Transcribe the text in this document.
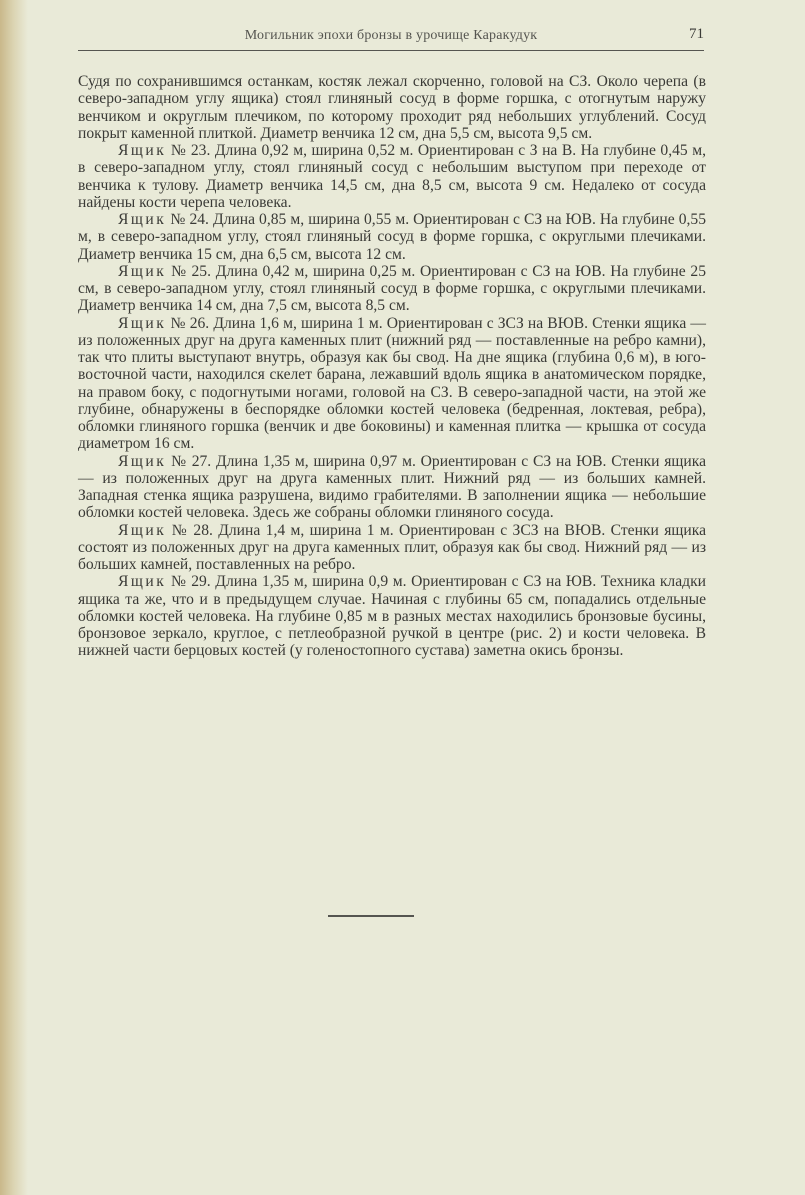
Могильник эпохи бронзы в урочище Каракудук	71

Судя по сохранившимся останкам, костяк лежал скорченно, головой на СЗ. Около черепа (в северо-западном углу ящика) стоял глиняный сосуд в форме горшка, с отогнутым наружу венчиком и округлым плечиком, по которому проходит ряд небольших углублений. Сосуд покрыт каменной плиткой. Диаметр венчика 12 см, дна 5,5 см, высота 9,5 см.

Ящик № 23. Длина 0,92 м, ширина 0,52 м. Ориентирован с З на В. На глубине 0,45 м, в северо-западном углу, стоял глиняный сосуд с небольшим выступом при переходе от венчика к тулову. Диаметр венчика 14,5 см, дна 8,5 см, высота 9 см. Недалеко от сосуда найдены кости черепа человека.

Ящик № 24. Длина 0,85 м, ширина 0,55 м. Ориентирован с СЗ на ЮВ. На глубине 0,55 м, в северо-западном углу, стоял глиняный сосуд в форме горшка, с округлыми плечиками. Диаметр венчика 15 см, дна 6,5 см, высота 12 см.

Ящик № 25. Длина 0,42 м, ширина 0,25 м. Ориентирован с СЗ на ЮВ. На глубине 25 см, в северо-западном углу, стоял глиняный сосуд в форме горшка, с округлыми плечиками. Диаметр венчика 14 см, дна 7,5 см, высота 8,5 см.

Ящик № 26. Длина 1,6 м, ширина 1 м. Ориентирован с ЗСЗ на ВЮВ. Стенки ящика — из положенных друг на друга каменных плит (нижний ряд — поставленные на ребро камни), так что плиты выступают внутрь, образуя как бы свод. На дне ящика (глубина 0,6 м), в юго-восточной части, находился скелет барана, лежавший вдоль ящика в анатомическом порядке, на правом боку, с подогнутыми ногами, головой на СЗ. В северо-западной части, на этой же глубине, обнаружены в беспорядке обломки костей человека (бедренная, локтевая, ребра), обломки глиняного горшка (венчик и две боковины) и каменная плитка — крышка от сосуда диаметром 16 см.

Ящик № 27. Длина 1,35 м, ширина 0,97 м. Ориентирован с СЗ на ЮВ. Стенки ящика — из положенных друг на друга каменных плит. Нижний ряд — из больших камней. Западная стенка ящика разрушена, видимо грабителями. В заполнении ящика — небольшие обломки костей человека. Здесь же собраны обломки глиняного сосуда.

Ящик № 28. Длина 1,4 м, ширина 1 м. Ориентирован с ЗСЗ на ВЮВ. Стенки ящика состоят из положенных друг на друга каменных плит, образуя как бы свод. Нижний ряд — из больших камней, поставленных на ребро.

Ящик № 29. Длина 1,35 м, ширина 0,9 м. Ориентирован с СЗ на ЮВ. Техника кладки ящика та же, что и в предыдущем случае. Начиная с глубины 65 см, попадались отдельные обломки костей человека. На глубине 0,85 м в разных местах находились бронзовые бусины, бронзовое зеркало, круглое, с петлеобразной ручкой в центре (рис. 2) и кости человека. В нижней части берцовых костей (у голеностопного сустава) заметна окись бронзы.
